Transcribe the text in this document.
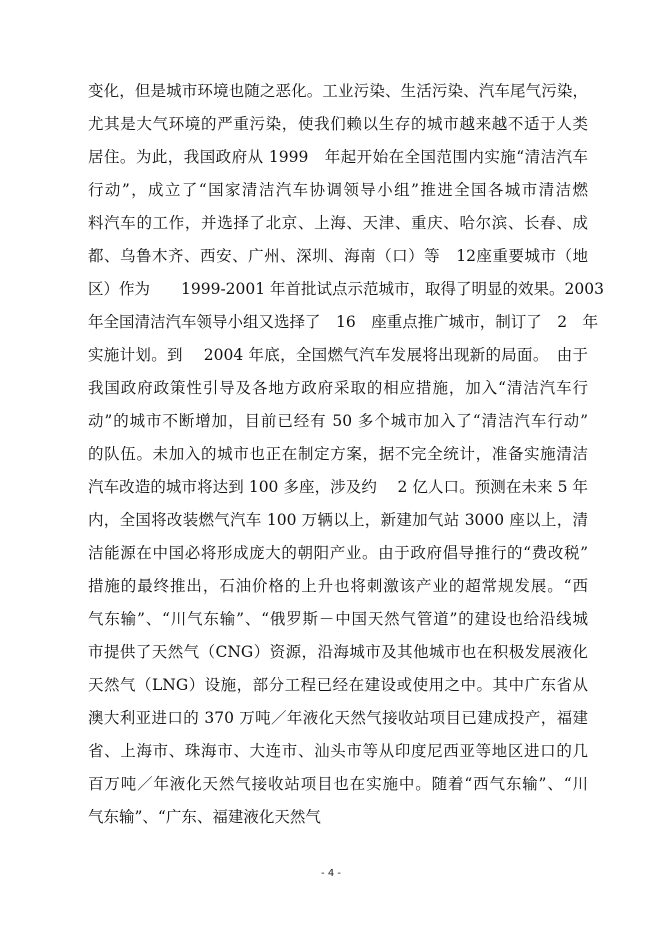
变化，但是城市环境也随之恶化。工业污染、生活污染、汽车尾气污染，
尤其是大气环境的严重污染，使我们赖以生存的城市越来越不适于人类
居住。为此，我国政府从 1999　年起开始在全国范围内实施“清洁汽车
行动”，成立了“国家清洁汽车协调领导小组”推进全国各城市清洁燃
料汽车的工作，并选择了北京、上海、天津、重庆、哈尔滨、长春、成
都、乌鲁木齐、西安、广州、深圳、海南（口）等　12座重要城市（地
区）作为　　1999-2001 年首批试点示范城市，取得了明显的效果。2003
年全国清洁汽车领导小组又选择了　16　座重点推广城市，制订了　2　年
实施计划。到　 2004 年底，全国燃气汽车发展将出现新的局面。　由于
我国政府政策性引导及各地方政府采取的相应措施，加入“清洁汽车行
动”的城市不断增加，目前已经有 50 多个城市加入了“清洁汽车行动”
的队伍。未加入的城市也正在制定方案，据不完全统计，准备实施清洁
汽车改造的城市将达到 100 多座，涉及约　 2 亿人口。预测在未来 5 年
内，全国将改装燃气汽车 100 万辆以上，新建加气站 3000 座以上，清
洁能源在中国必将形成庞大的朝阳产业。由于政府倡导推行的“费改税”
措施的最终推出，石油价格的上升也将刺激该产业的超常规发展。“西
气东输”、“川气东输”、“俄罗斯－中国天然气管道”的建设也给沿线城
市提供了天然气（CNG）资源，沿海城市及其他城市也在积极发展液化
天然气（LNG）设施，部分工程已经在建设或使用之中。其中广东省从
澳大利亚进口的 370 万吨／年液化天然气接收站项目已建成投产，福建
省、上海市、珠海市、大连市、汕头市等从印度尼西亚等地区进口的几
百万吨／年液化天然气接收站项目也在实施中。随着“西气东输”、“川
气东输”、“广东、福建液化天然气
- 4 -
